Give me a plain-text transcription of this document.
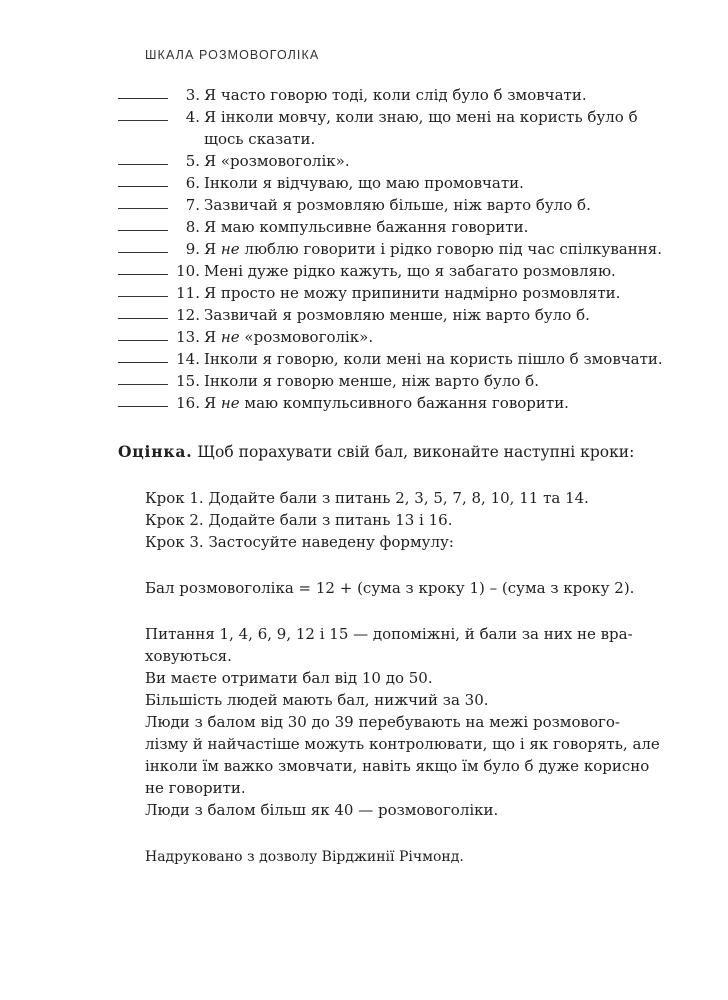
ШКАЛА РОЗМОВОГОЛІКА
3. Я часто говорю тоді, коли слід було б змовчати.
4. Я інколи мовчу, коли знаю, що мені на користь було б
щось сказати.
5. Я «розмовоголік».
6. Інколи я відчуваю, що маю промовчати.
7. Зазвичай я розмовляю більше, ніж варто було б.
8. Я маю компульсивне бажання говорити.
9. Я не люблю говорити і рідко говорю під час спілкування.
10. Мені дуже рідко кажуть, що я забагато розмовляю.
11. Я просто не можу припинити надмірно розмовляти.
12. Зазвичай я розмовляю менше, ніж варто було б.
13. Я не «розмовоголік».
14. Інколи я говорю, коли мені на користь пішло б змовчати.
15. Інколи я говорю менше, ніж варто було б.
16. Я не маю компульсивного бажання говорити.
Оцінка. Щоб порахувати свій бал, виконайте наступні кроки:
Крок 1. Додайте бали з питань 2, 3, 5, 7, 8, 10, 11 та 14.
Крок 2. Додайте бали з питань 13 і 16.
Крок 3. Застосуйте наведену формулу:
Бал розмовоголіка = 12 + (сума з кроку 1) – (сума з кроку 2).

Питання 1, 4, 6, 9, 12 і 15 — допоміжні, й бали за них не вра-
ховуються.

Ви маєте отримати бал від 10 до 50.

Більшість людей мають бал, нижчий за 30.

Люди з балом від 30 до 39 перебувають на межі розмового-
лізму й найчастіше можуть контролювати, що і як говорять, але
інколи їм важко змовчати, навіть якщо їм було б дуже корисно
не говорити.

Люди з балом більш як 40 — розмовоголіки.

Надруковано з дозволу Вірджинії Річмонд.
